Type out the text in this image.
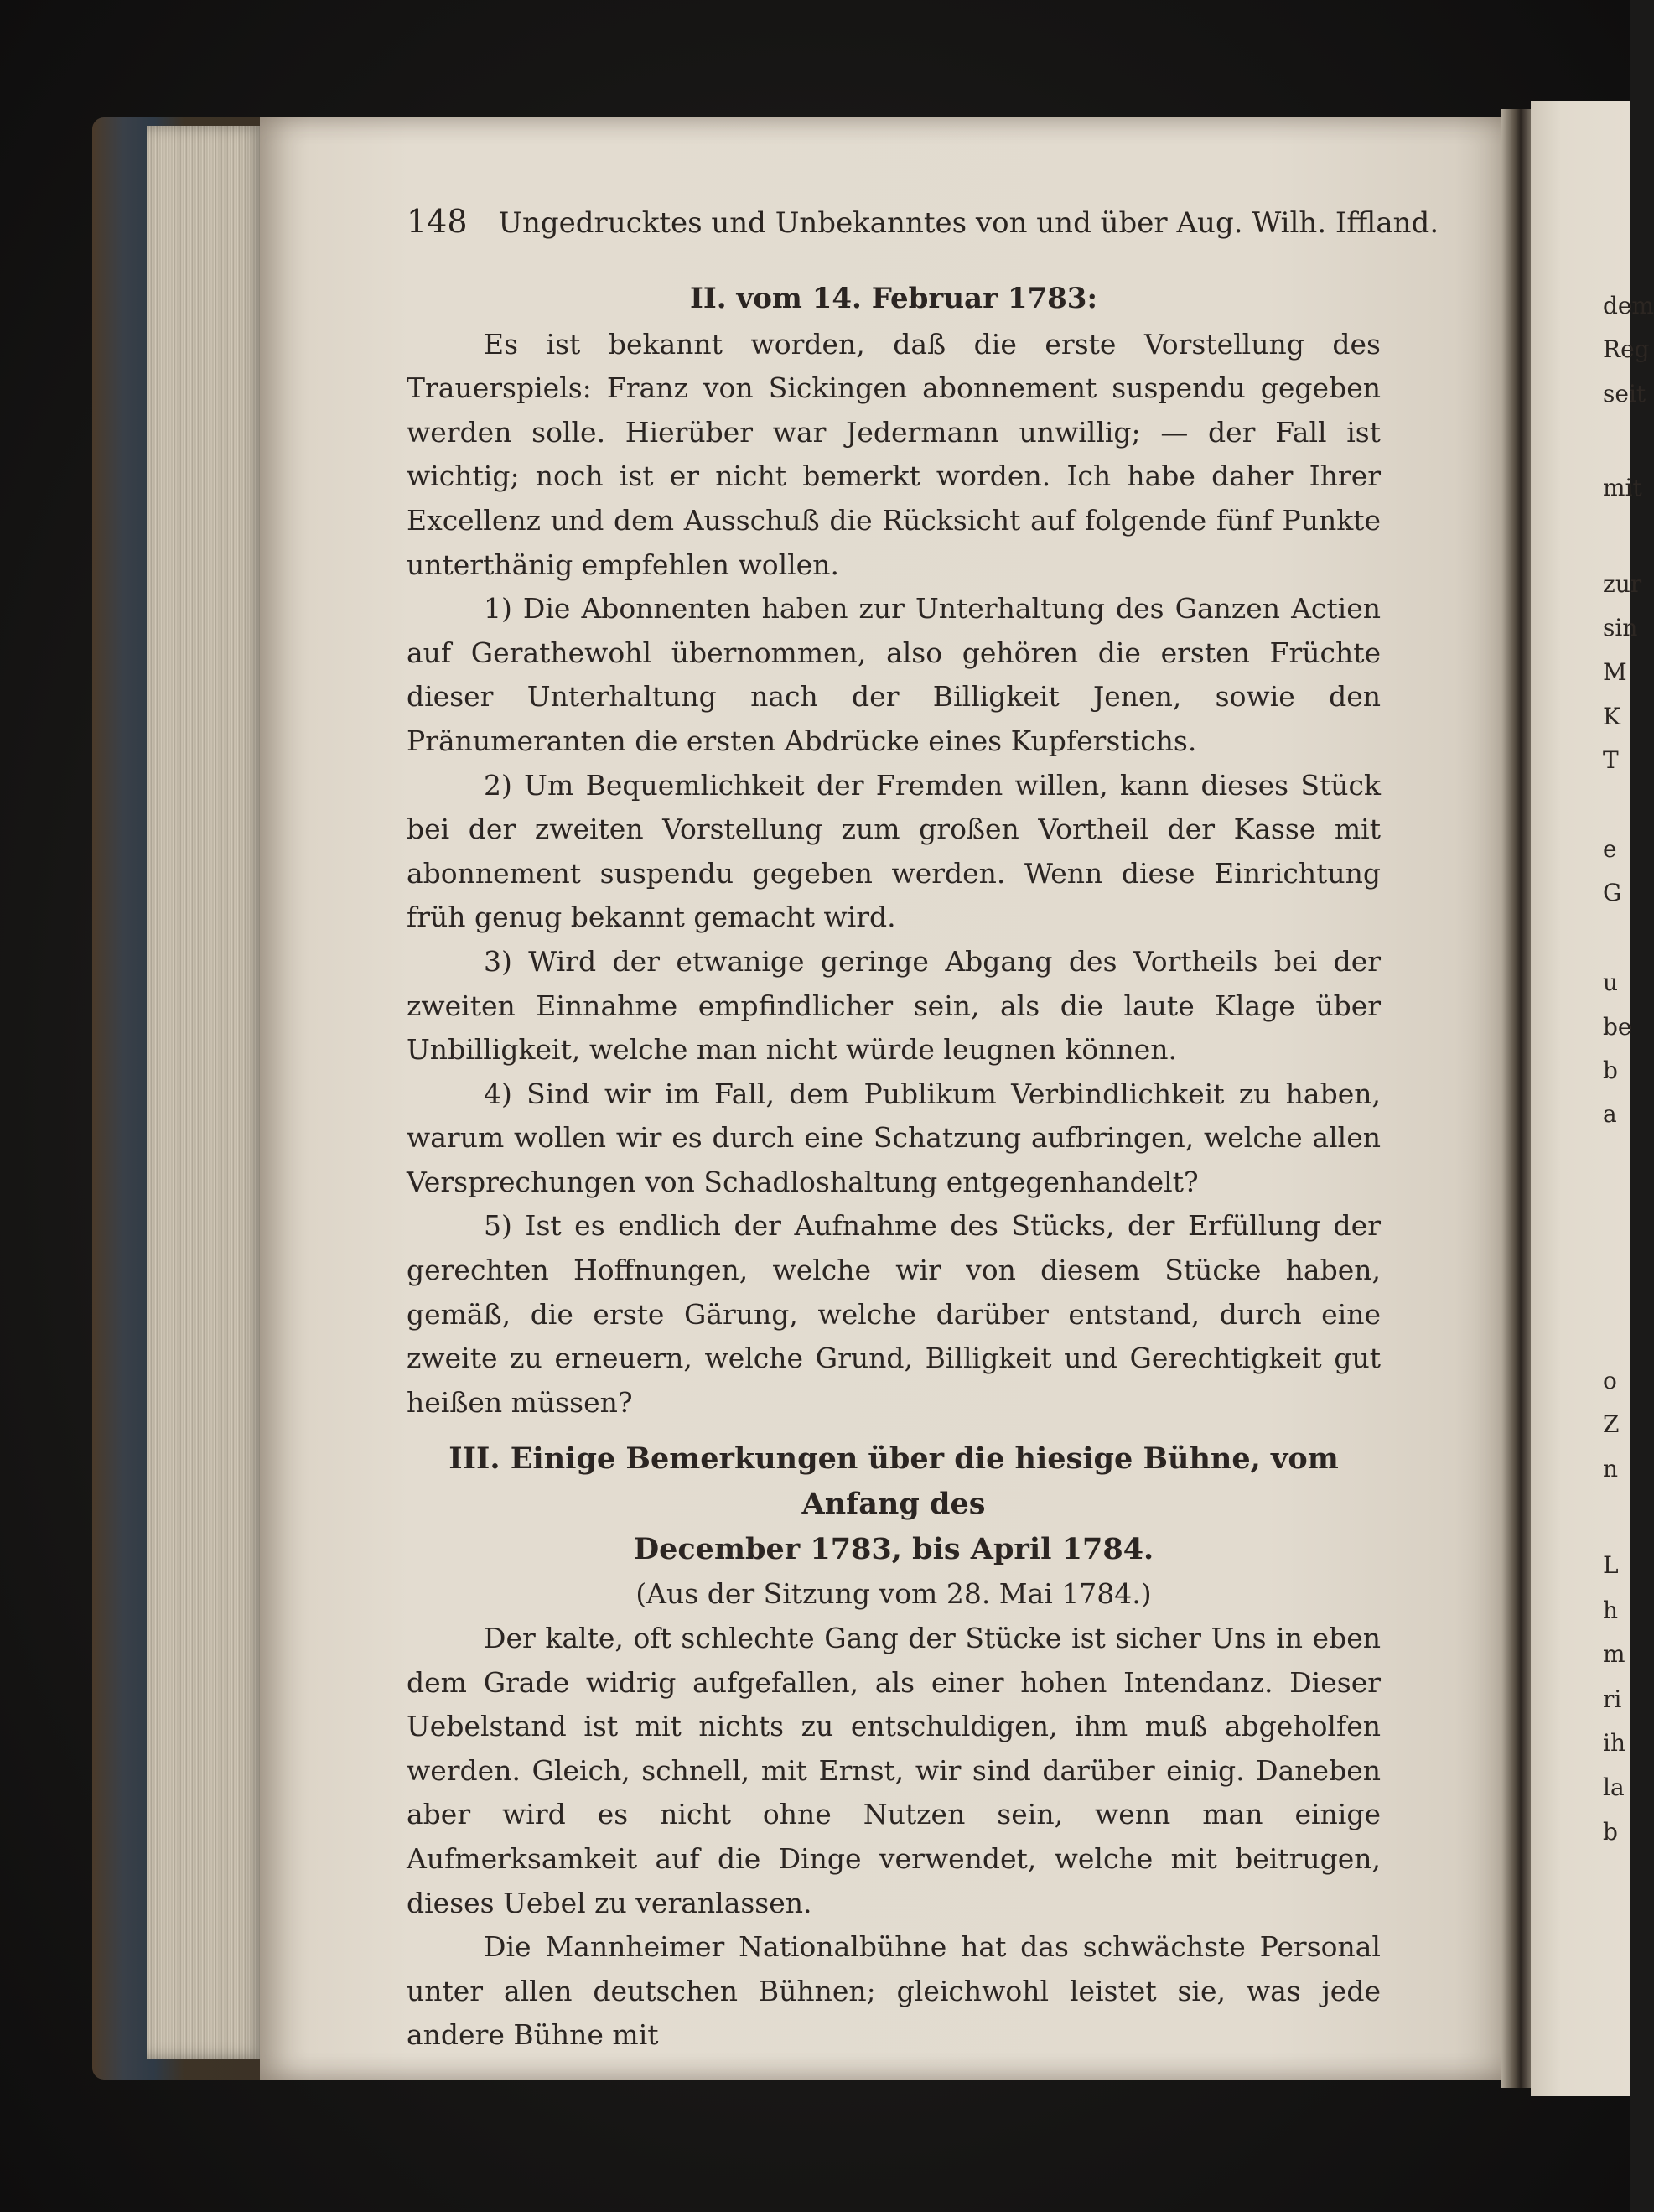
dem
Reg
seit
mit
zur
sin
M
K
T
e
G
u
be
b
a
o
Z
n
L
h
m
ri
ih
la
b
148 Ungedrucktes und Unbekanntes von und über Aug. Wilh. Iffland.
II. vom 14. Februar 1783:

Es ist bekannt worden, daß die erste Vorstellung des Trauerspiels: Franz von Sickingen abonnement suspendu gegeben werden solle. Hierüber war Jedermann unwillig; — der Fall ist wichtig; noch ist er nicht bemerkt worden. Ich habe daher Ihrer Excellenz und dem Ausschuß die Rücksicht auf folgende fünf Punkte unterthänig empfehlen wollen.

1) Die Abonnenten haben zur Unterhaltung des Ganzen Actien auf Gerathewohl übernommen, also gehören die ersten Früchte dieser Unterhaltung nach der Billigkeit Jenen, sowie den Pränumeranten die ersten Abdrücke eines Kupferstichs.

2) Um Bequemlichkeit der Fremden willen, kann dieses Stück bei der zweiten Vorstellung zum großen Vortheil der Kasse mit abonnement suspendu gegeben werden. Wenn diese Einrichtung früh genug bekannt gemacht wird.

3) Wird der etwanige geringe Abgang des Vortheils bei der zweiten Einnahme empfindlicher sein, als die laute Klage über Unbilligkeit, welche man nicht würde leugnen können.

4) Sind wir im Fall, dem Publikum Verbindlichkeit zu haben, warum wollen wir es durch eine Schatzung aufbringen, welche allen Versprechungen von Schadloshaltung entgegenhandelt?

5) Ist es endlich der Aufnahme des Stücks, der Erfüllung der gerechten Hoffnungen, welche wir von diesem Stücke haben, gemäß, die erste Gärung, welche darüber entstand, durch eine zweite zu erneuern, welche Grund, Billigkeit und Gerechtigkeit gut heißen müssen?

III. Einige Bemerkungen über die hiesige Bühne, vom Anfang des
December 1783, bis April 1784.

(Aus der Sitzung vom 28. Mai 1784.)

Der kalte, oft schlechte Gang der Stücke ist sicher Uns in eben dem Grade widrig aufgefallen, als einer hohen Intendanz. Dieser Uebelstand ist mit nichts zu entschuldigen, ihm muß abgeholfen werden. Gleich, schnell, mit Ernst, wir sind darüber einig. Daneben aber wird es nicht ohne Nutzen sein, wenn man einige Aufmerksamkeit auf die Dinge verwendet, welche mit beitrugen, dieses Uebel zu veranlassen.

Die Mannheimer Nationalbühne hat das schwächste Personal unter allen deutschen Bühnen; gleichwohl leistet sie, was jede andere Bühne mit
